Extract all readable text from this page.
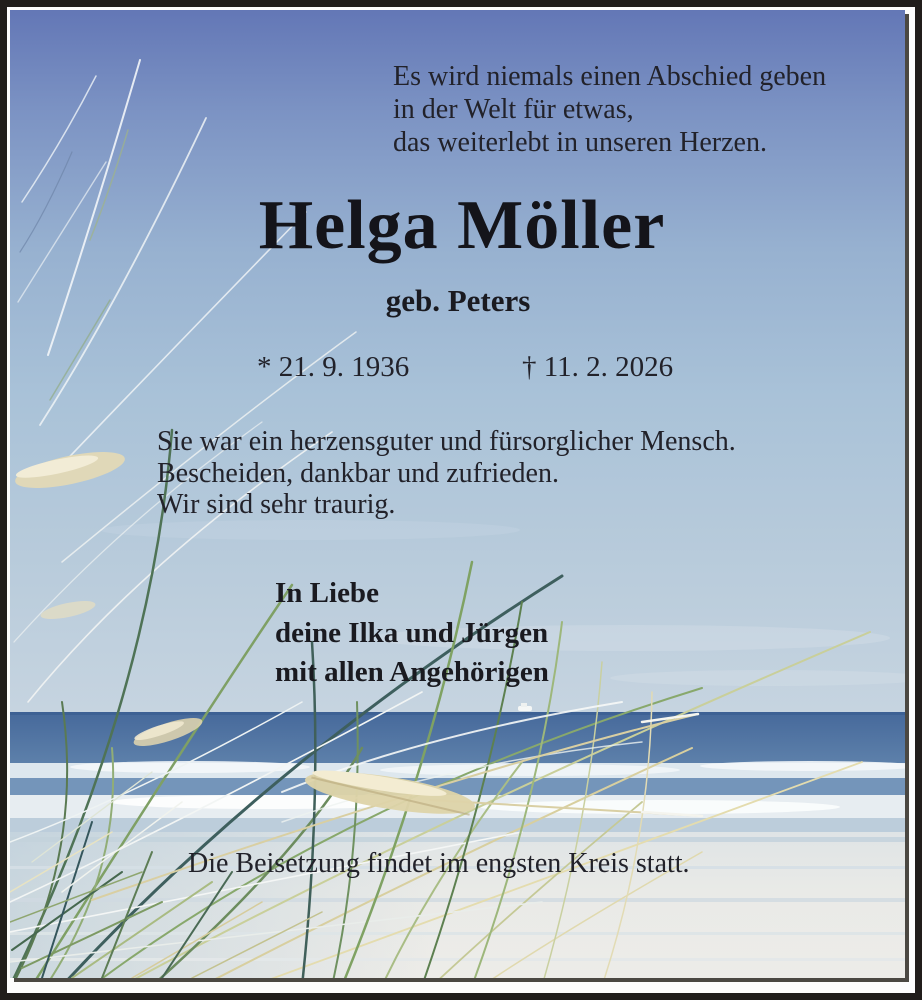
Es wird niemals einen Abschied geben
in der Welt für etwas,
das weiterlebt in unseren Herzen.
Helga Möller
geb. Peters
* 21. 9. 1936	† 11. 2. 2026
Sie war ein herzensguter und fürsorglicher Mensch.
Bescheiden, dankbar und zufrieden.
Wir sind sehr traurig.
In Liebe
deine Ilka und Jürgen
mit allen Angehörigen
Die Beisetzung findet im engsten Kreis statt.
